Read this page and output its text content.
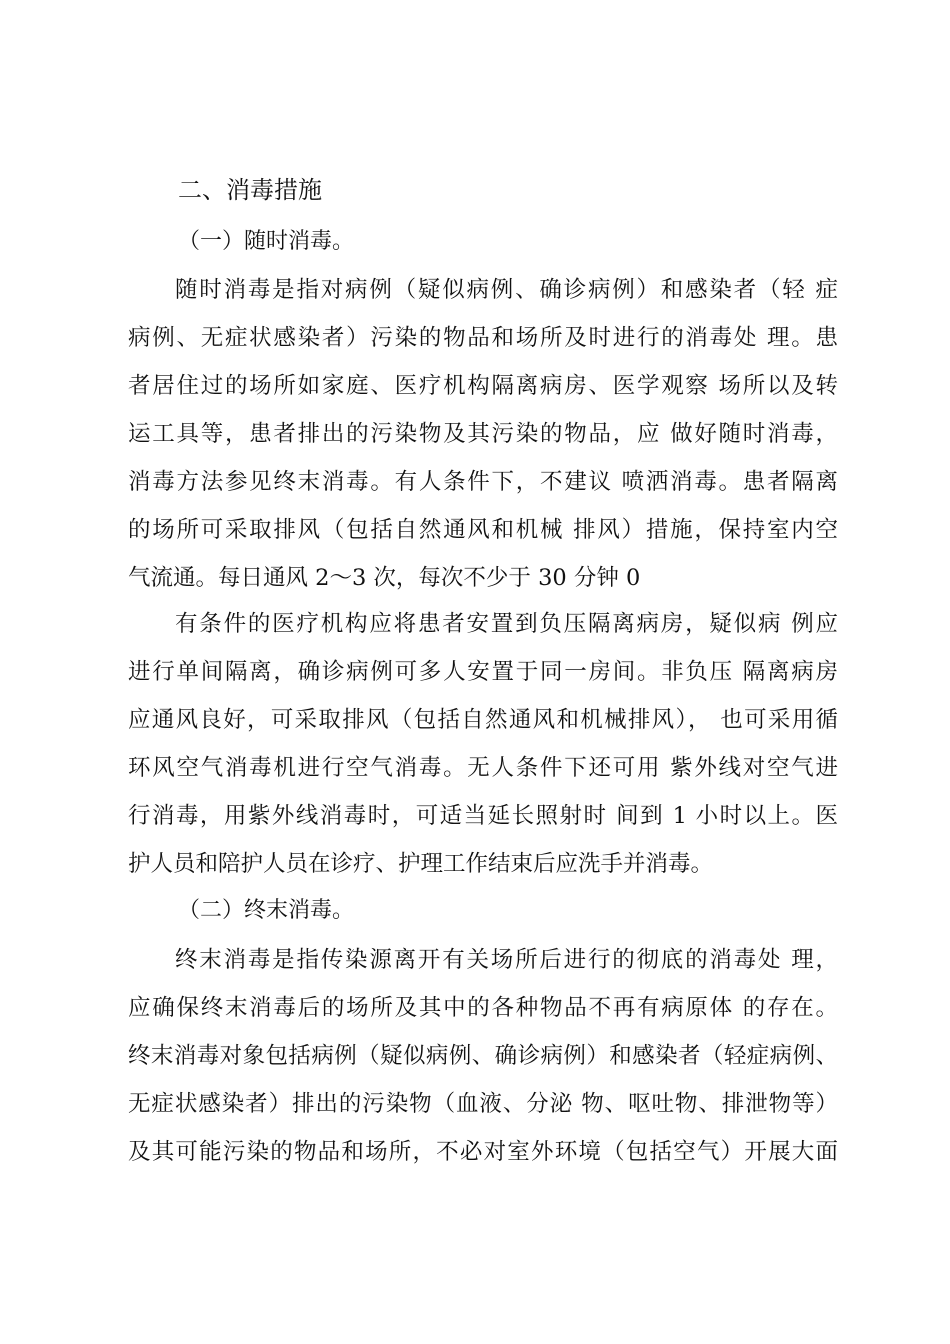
二、消毒措施
（一）随时消毒。
随时消毒是指对病例（疑似病例、确诊病例）和感染者（轻 症
病例、无症状感染者）污染的物品和场所及时进行的消毒处 理。患
者居住过的场所如家庭、医疗机构隔离病房、医学观察 场所以及转
运工具等，患者排出的污染物及其污染的物品，应 做好随时消毒，
消毒方法参见终末消毒。有人条件下，不建议 喷洒消毒。患者隔离
的场所可采取排风（包括自然通风和机械 排风）措施，保持室内空
气流通。每日通风 2〜3 次，每次不少于 30 分钟 0
有条件的医疗机构应将患者安置到负压隔离病房，疑似病 例应
进行单间隔离，确诊病例可多人安置于同一房间。非负压 隔离病房
应通风良好，可采取排风（包括自然通风和机械排风）， 也可采用循
环风空气消毒机进行空气消毒。无人条件下还可用 紫外线对空气进
行消毒，用紫外线消毒时，可适当延长照射时 间到 1 小时以上。医
护人员和陪护人员在诊疗、护理工作结束后应洗手并消毒。
（二）终末消毒。
终末消毒是指传染源离开有关场所后进行的彻底的消毒处 理，
应确保终末消毒后的场所及其中的各种物品不再有病原体 的存在。
终末消毒对象包括病例（疑似病例、确诊病例）和感染者（轻症病例、
无症状感染者）排出的污染物（血液、分泌 物、呕吐物、排泄物等）
及其可能污染的物品和场所，不必对室外环境（包括空气）开展大面
